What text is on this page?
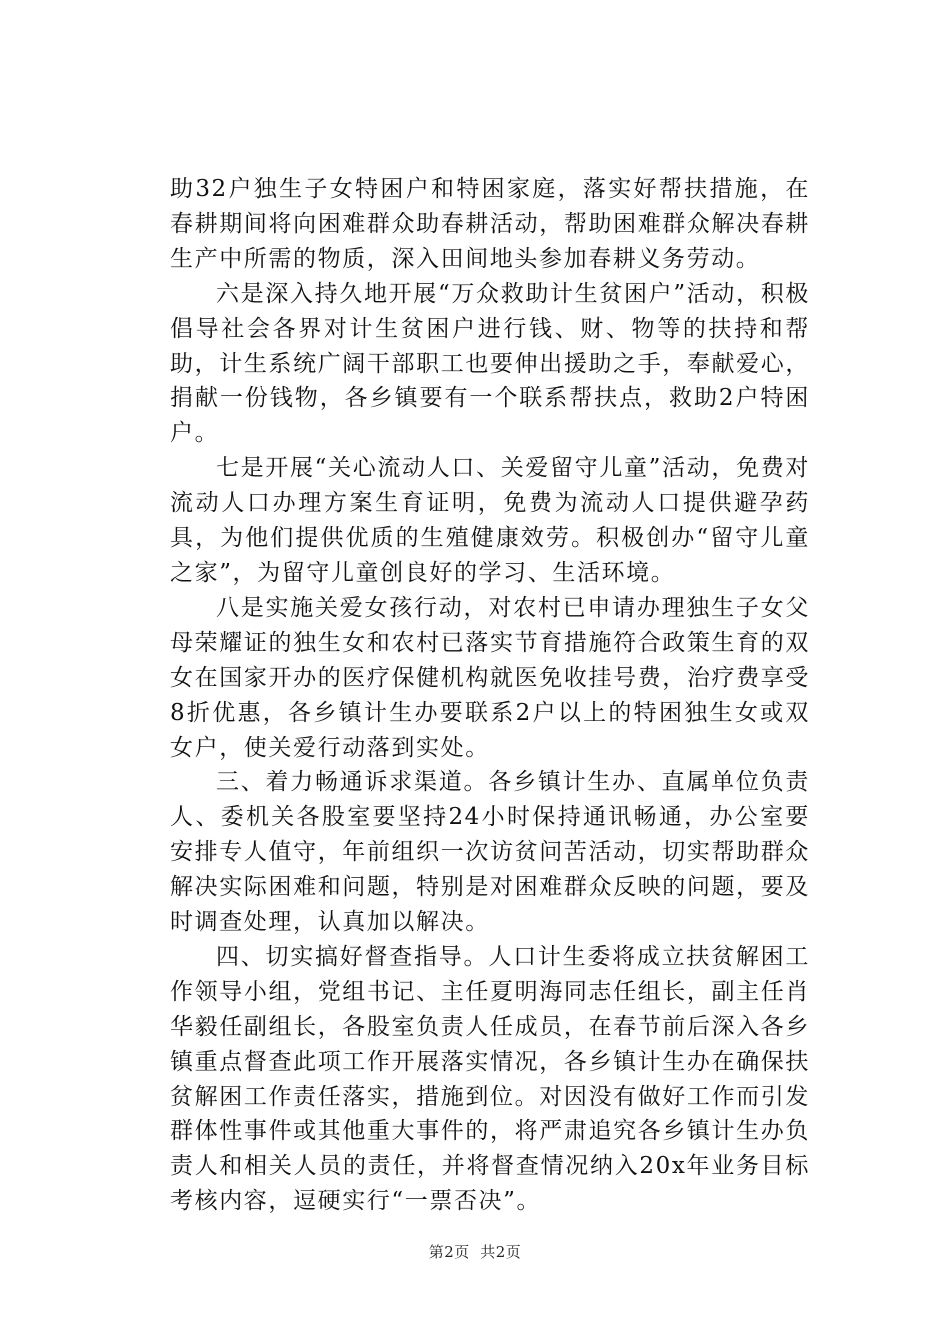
助32户独生子女特困户和特困家庭，落实好帮扶措施，在春耕期间将向困难群众助春耕活动，帮助困难群众解决春耕生产中所需的物质，深入田间地头参加春耕义务劳动。

六是深入持久地开展“万众救助计生贫困户”活动，积极倡导社会各界对计生贫困户进行钱、财、物等的扶持和帮助，计生系统广阔干部职工也要伸出援助之手，奉献爱心，捐献一份钱物，各乡镇要有一个联系帮扶点，救助2户特困户。

七是开展“关心流动人口、关爱留守儿童”活动，免费对流动人口办理方案生育证明，免费为流动人口提供避孕药具，为他们提供优质的生殖健康效劳。积极创办“留守儿童之家”，为留守儿童创良好的学习、生活环境。

八是实施关爱女孩行动，对农村已申请办理独生子女父母荣耀证的独生女和农村已落实节育措施符合政策生育的双女在国家开办的医疗保健机构就医免收挂号费，治疗费享受8折优惠，各乡镇计生办要联系2户以上的特困独生女或双女户，使关爱行动落到实处。

三、着力畅通诉求渠道。各乡镇计生办、直属单位负责人、委机关各股室要坚持24小时保持通讯畅通，办公室要安排专人值守，年前组织一次访贫问苦活动，切实帮助群众解决实际困难和问题，特别是对困难群众反映的问题，要及时调查处理，认真加以解决。

四、切实搞好督查指导。人口计生委将成立扶贫解困工作领导小组，党组书记、主任夏明海同志任组长，副主任肖华毅任副组长，各股室负责人任成员，在春节前后深入各乡镇重点督查此项工作开展落实情况，各乡镇计生办在确保扶贫解困工作责任落实，措施到位。对因没有做好工作而引发群体性事件或其他重大事件的，将严肃追究各乡镇计生办负责人和相关人员的责任，并将督查情况纳入20x年业务目标考核内容，逗硬实行“一票否决”。

第2页  共2页
